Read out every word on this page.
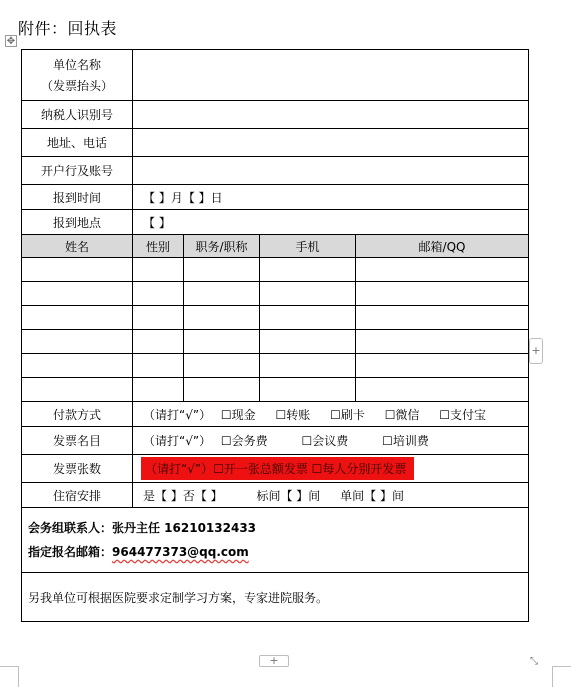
附件：回执表
✥
单位名称
（发票抬头）				

纳税人识别号				
地址、电话				
开户行及账号				
报到时间	【 】月【 】日			
报到地点	【 】			
姓名	性别	职务/职称	手机	邮箱/QQ

付款方式	（请打“√”） ☐现金 ☐转账 ☐刷卡 ☐微信 ☐支付宝			
发票名目	（请打“√”） ☐会务费 ☐会议费 ☐培训费			
发票张数	（请打“√”）☐开一张总额发票 ☐每人分别开发票			
住宿安排	是【 】否【 】 标间【 】间 单间【 】间			

会务组联系人：张丹主任 16210132433
指定报名邮箱：964477373@qq.com				

另我单位可根据医院要求定制学习方案，专家进院服务。				
+
+	⤡
